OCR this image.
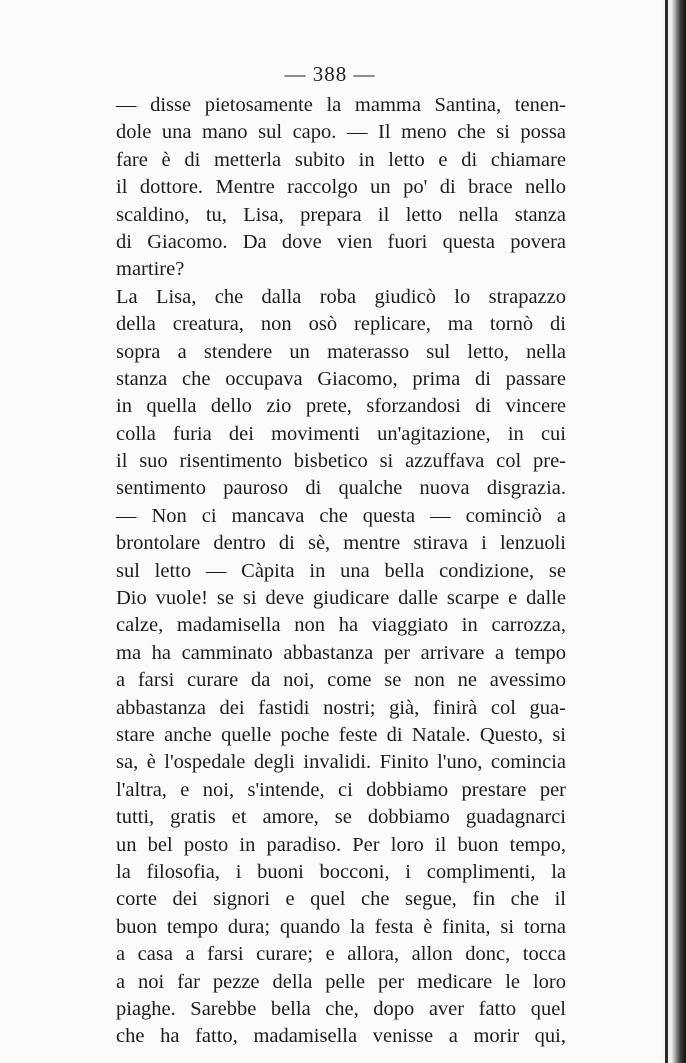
— 388 —
— disse pietosamente la mamma Santina, tenen-
dole una mano sul capo. — Il meno che si possa
fare è di metterla subito in letto e di chiamare
il dottore. Mentre raccolgo un po' di brace nello
scaldino, tu, Lisa, prepara il letto nella stanza
di Giacomo. Da dove vien fuori questa povera
martire?
La Lisa, che dalla roba giudicò lo strapazzo
della creatura, non osò replicare, ma tornò di
sopra a stendere un materasso sul letto, nella
stanza che occupava Giacomo, prima di passare
in quella dello zio prete, sforzandosi di vincere
colla furia dei movimenti un'agitazione, in cui
il suo risentimento bisbetico si azzuffava col pre-
sentimento pauroso di qualche nuova disgrazia.
— Non ci mancava che questa — cominciò a
brontolare dentro di sè, mentre stirava i lenzuoli
sul letto — Càpita in una bella condizione, se
Dio vuole! se si deve giudicare dalle scarpe e dalle
calze, madamisella non ha viaggiato in carrozza,
ma ha camminato abbastanza per arrivare a tempo
a farsi curare da noi, come se non ne avessimo
abbastanza dei fastidi nostri; già, finirà col gua-
stare anche quelle poche feste di Natale. Questo, si
sa, è l'ospedale degli invalidi. Finito l'uno, comincia
l'altra, e noi, s'intende, ci dobbiamo prestare per
tutti, gratis et amore, se dobbiamo guadagnarci
un bel posto in paradiso. Per loro il buon tempo,
la filosofia, i buoni bocconi, i complimenti, la
corte dei signori e quel che segue, fin che il
buon tempo dura; quando la festa è finita, si torna
a casa a farsi curare; e allora, allon donc, tocca
a noi far pezze della pelle per medicare le loro
piaghe. Sarebbe bella che, dopo aver fatto quel
che ha fatto, madamisella venisse a morir qui,
